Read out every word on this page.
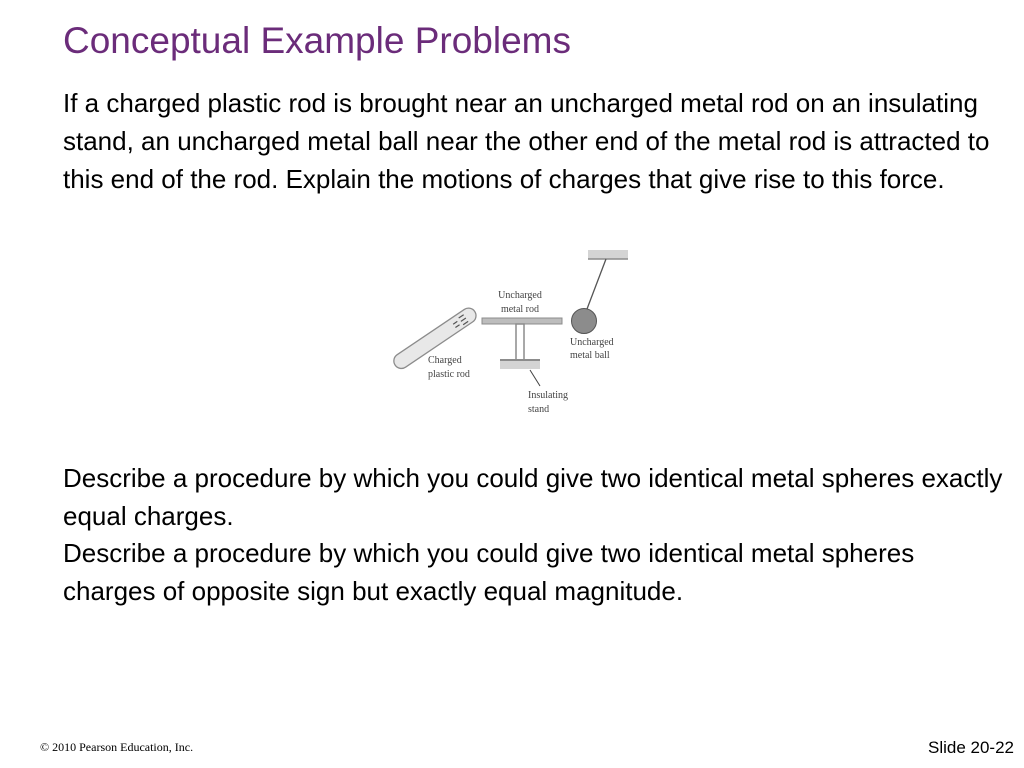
Conceptual Example Problems

If a charged plastic rod is brought near an uncharged metal rod on an insulating stand, an uncharged metal ball near the other end of the metal rod is attracted to this end of the rod. Explain the motions of charges that give rise to this force.

Uncharged
metal rod
Uncharged
metal ball
Charged
plastic rod
Insulating
stand

Describe a procedure by which you could give two identical metal spheres exactly equal charges.

Describe a procedure by which you could give two identical metal spheres charges of opposite sign but exactly equal magnitude.

© 2010 Pearson Education, Inc.	Slide 20-22
